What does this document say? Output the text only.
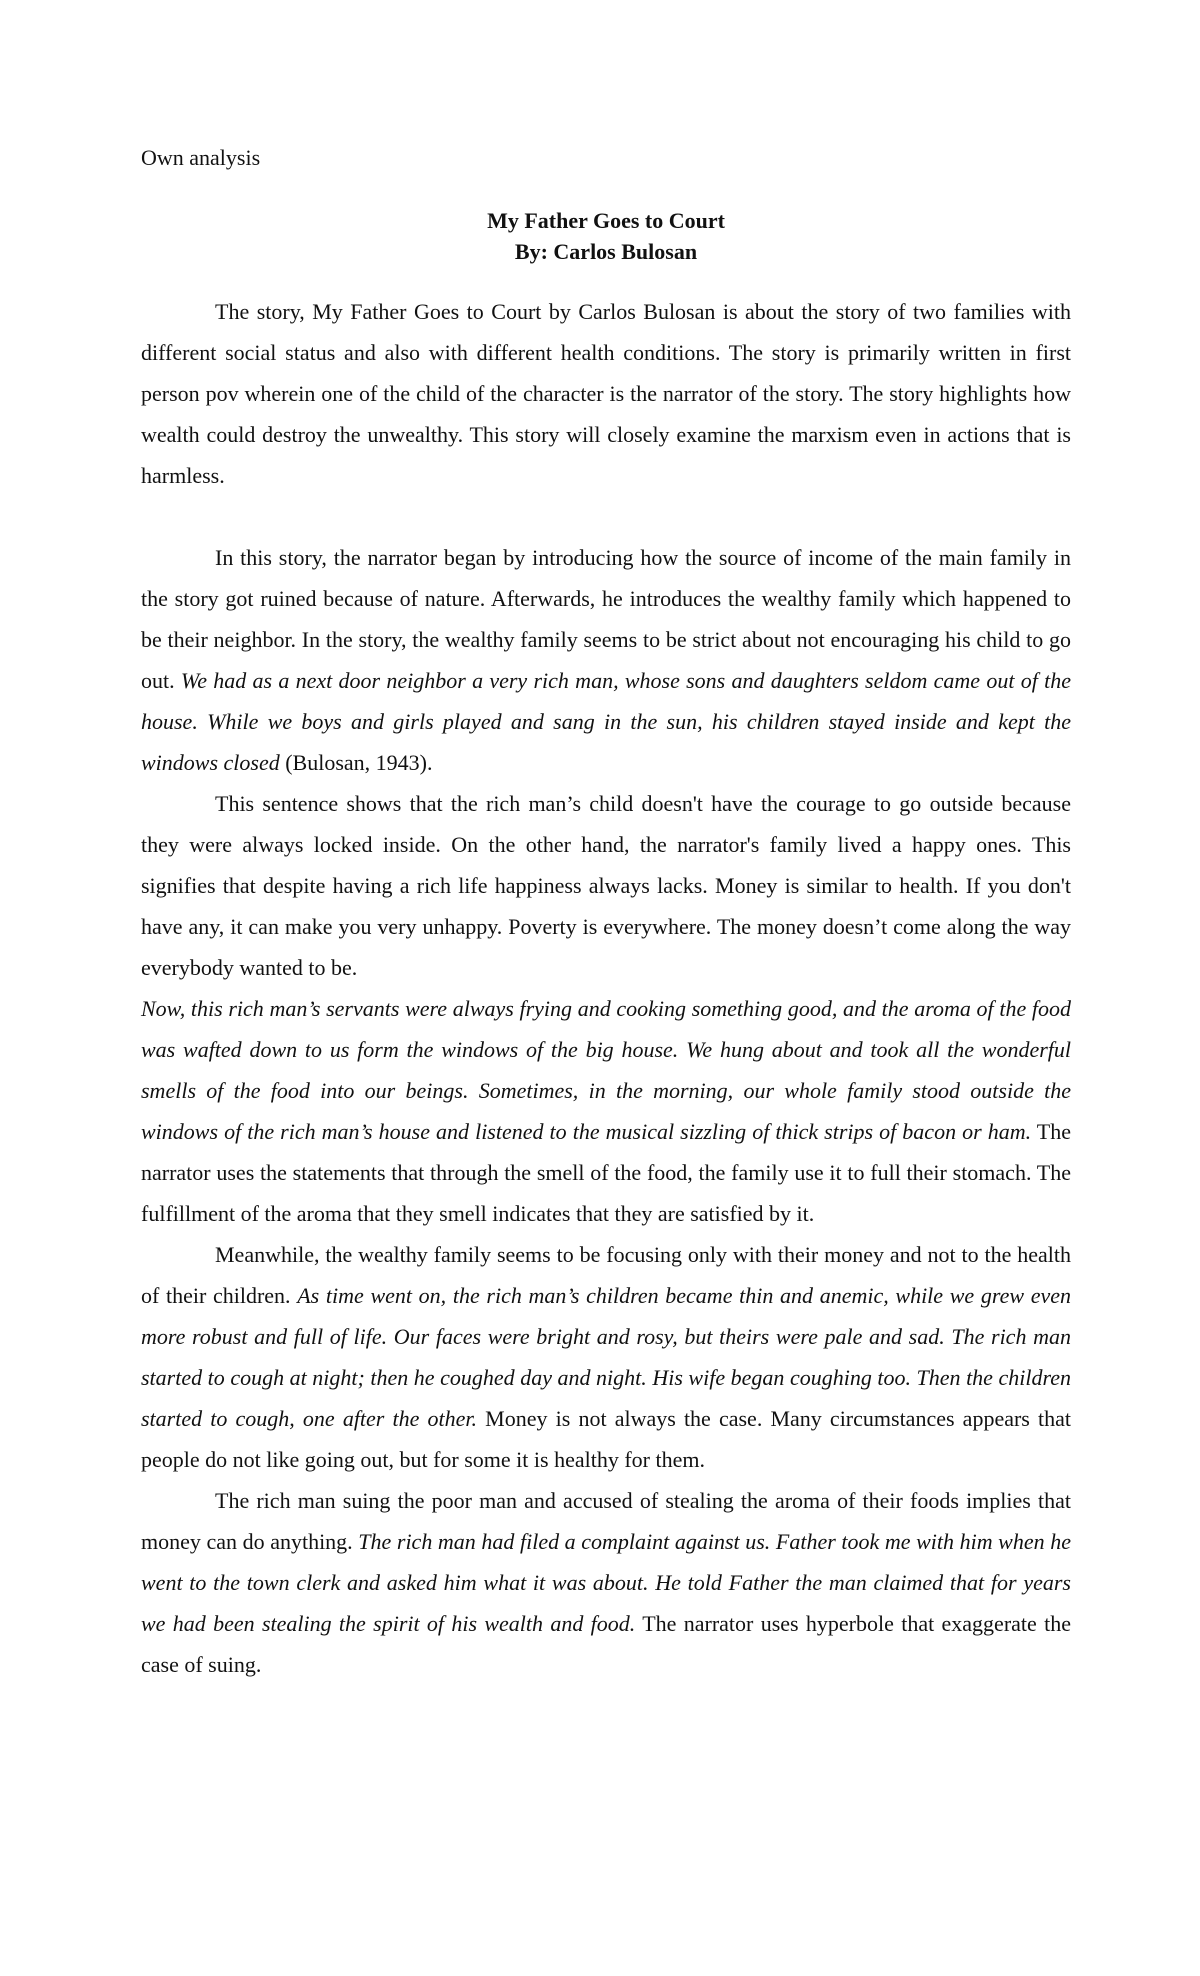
Own analysis
My Father Goes to Court
By: Carlos Bulosan

The story, My Father Goes to Court by Carlos Bulosan is about the story of two families with different social status and also with different health conditions. The story is primarily written in first person pov wherein one of the child of the character is the narrator of the story. The story highlights how wealth could destroy the unwealthy. This story will closely examine the marxism even in actions that is harmless.

In this story, the narrator began by introducing how the source of income of the main family in the story got ruined because of nature. Afterwards, he introduces the wealthy family which happened to be their neighbor. In the story, the wealthy family seems to be strict about not encouraging his child to go out. We had as a next door neighbor a very rich man, whose sons and daughters seldom came out of the house. While we boys and girls played and sang in the sun, his children stayed inside and kept the windows closed (Bulosan, 1943).

This sentence shows that the rich man’s child doesn't have the courage to go outside because they were always locked inside. On the other hand, the narrator's family lived a happy ones. This signifies that despite having a rich life happiness always lacks. Money is similar to health. If you don't have any, it can make you very unhappy. Poverty is everywhere. The money doesn’t come along the way everybody wanted to be.

Now, this rich man’s servants were always frying and cooking something good, and the aroma of the food was wafted down to us form the windows of the big house. We hung about and took all the wonderful smells of the food into our beings. Sometimes, in the morning, our whole family stood outside the windows of the rich man’s house and listened to the musical sizzling of thick strips of bacon or ham. The narrator uses the statements that through the smell of the food, the family use it to full their stomach. The fulfillment of the aroma that they smell indicates that they are satisfied by it.

Meanwhile, the wealthy family seems to be focusing only with their money and not to the health of their children. As time went on, the rich man’s children became thin and anemic, while we grew even more robust and full of life. Our faces were bright and rosy, but theirs were pale and sad. The rich man started to cough at night; then he coughed day and night. His wife began coughing too. Then the children started to cough, one after the other. Money is not always the case. Many circumstances appears that people do not like going out, but for some it is healthy for them.

The rich man suing the poor man and accused of stealing the aroma of their foods implies that money can do anything. The rich man had filed a complaint against us. Father took me with him when he went to the town clerk and asked him what it was about. He told Father the man claimed that for years we had been stealing the spirit of his wealth and food. The narrator uses hyperbole that exaggerate the case of suing.
